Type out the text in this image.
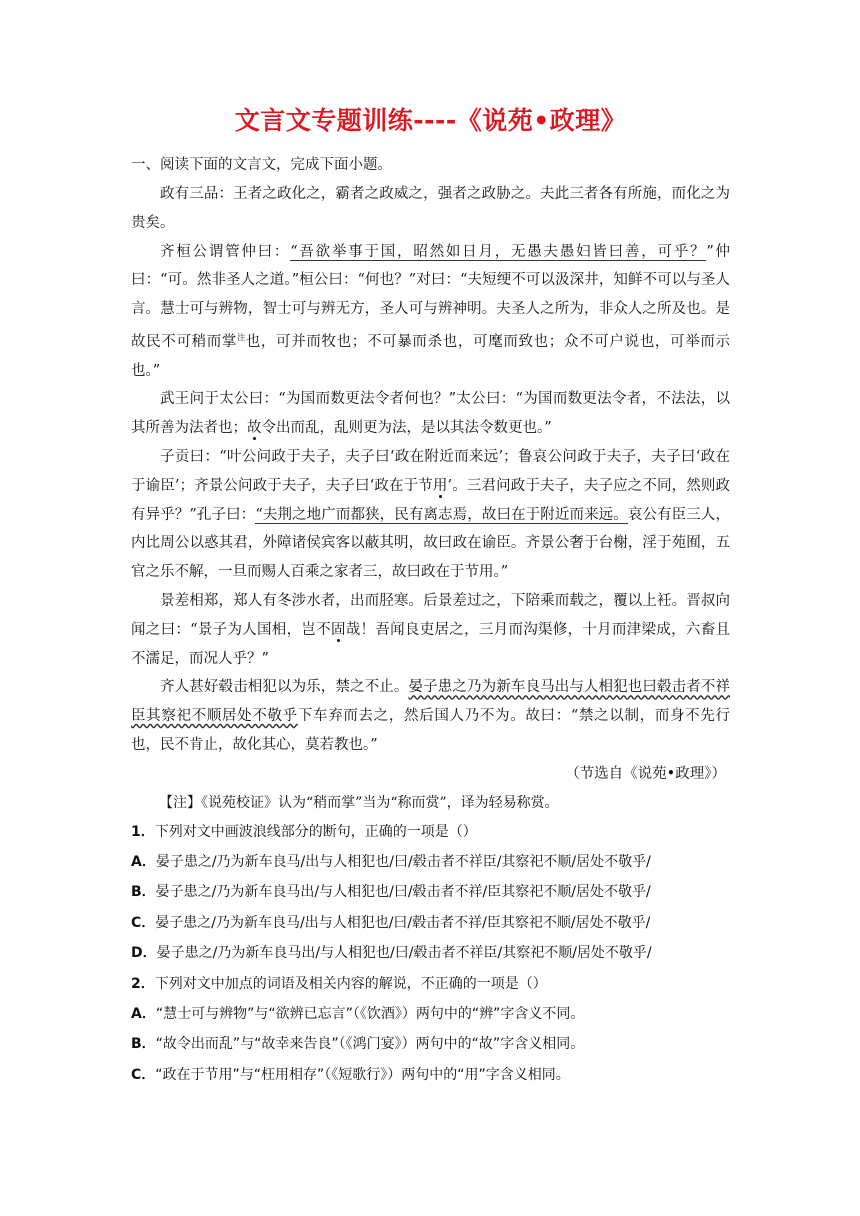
文言文专题训练----《说苑•政理》

一、阅读下面的文言文，完成下面小题。

政有三品：王者之政化之，霸者之政威之，强者之政胁之。夫此三者各有所施，而化之为贵矣。

齐桓公谓管仲曰：“吾欲举事于国，昭然如日月，无愚夫愚妇皆曰善，可乎？”仲曰：“可。然非圣人之道。”桓公曰：“何也？”对曰：“夫短绠不可以汲深井，知鲜不可以与圣人言。慧士可与辨物，智士可与辨无方，圣人可与辨神明。夫圣人之所为，非众人之所及也。是故民不可稍而掌$^注$也，可并而牧也；不可暴而杀也，可麾而致也；众不可户说也，可举而示也。”

武王问于太公曰：“为国而数更法令者何也？”太公曰：“为国而数更法令者，不法法，以其所善为法者也；故令出而乱，乱则更为法，是以其法令数更也。”

子贡曰：“叶公问政于夫子，夫子曰‘政在附近而来远’；鲁哀公问政于夫子，夫子曰‘政在于谕臣’；齐景公问政于夫子，夫子曰‘政在于节用’。三君问政于夫子，夫子应之不同，然则政有异乎？”孔子曰：“夫荆之地广而都狭，民有离志焉，故曰在于附近而来远。哀公有臣三人，内比周公以惑其君，外障诸侯宾客以蔽其明，故曰政在谕臣。齐景公奢于台榭，淫于苑囿，五官之乐不解，一旦而赐人百乘之家者三，故曰政在于节用。”

景差相郑，郑人有冬涉水者，出而胫寒。后景差过之，下陪乘而载之，覆以上衽。晋叔向闻之曰：“景子为人国相，岂不固哉！吾闻良吏居之，三月而沟渠修，十月而津梁成，六畜且不濡足，而况人乎？”

齐人甚好毂击相犯以为乐，禁之不止。晏子患之乃为新车良马出与人相犯也曰毂击者不祥臣其察祀不顺居处不敬乎下车弃而去之，然后国人乃不为。故曰：“禁之以制，而身不先行也，民不肯止，故化其心，莫若教也。”

（节选自《说苑•政理》）

【注】《说苑校证》认为“稍而掌”当为“称而赏”，译为轻易称赏。

1．下列对文中画波浪线部分的断句，正确的一项是（）

A．晏子患之/乃为新车良马/出与人相犯也/曰/毂击者不祥臣/其察祀不顺/居处不敬乎/

B．晏子患之/乃为新车良马出/与人相犯也/曰/毂击者不祥/臣其察祀不顺/居处不敬乎/

C．晏子患之/乃为新车良马/出与人相犯也/曰/毂击者不祥/臣其察祀不顺/居处不敬乎/

D．晏子患之/乃为新车良马出/与人相犯也/曰/毂击者不祥臣/其察祀不顺/居处不敬乎/

2．下列对文中加点的词语及相关内容的解说，不正确的一项是（）

A．“慧士可与辨物”与“欲辨已忘言”（《饮酒》）两句中的“辨”字含义不同。

B．“故令出而乱”与“故幸来告良”（《鸿门宴》）两句中的“故”字含义相同。

C．“政在于节用”与“枉用相存”（《短歌行》）两句中的“用”字含义相同。
